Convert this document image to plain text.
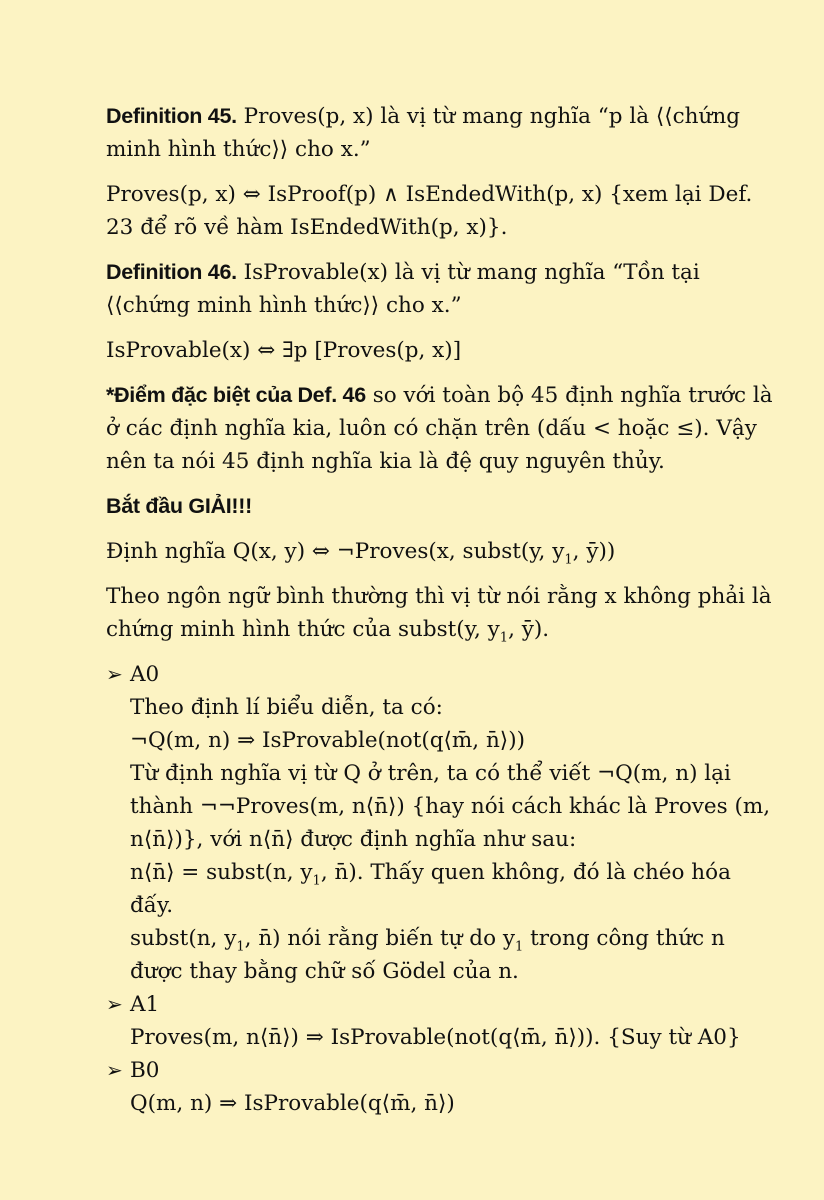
Definition 45. Proves(p, x) là vị từ mang nghĩa “p là ⟨⟨chứng minh hình thức⟩⟩ cho x.”

Proves(p, x) ⇔ IsProof(p) ∧ IsEndedWith(p, x) {xem lại Def. 23 để rõ về hàm IsEndedWith(p, x)}.

Definition 46. IsProvable(x) là vị từ mang nghĩa “Tồn tại ⟨⟨chứng minh hình thức⟩⟩ cho x.”

IsProvable(x) ⇔ ∃p [Proves(p, x)]

*Điểm đặc biệt của Def. 46 so với toàn bộ 45 định nghĩa trước là ở các định nghĩa kia, luôn có chặn trên (dấu < hoặc ≤). Vậy nên ta nói 45 định nghĩa kia là đệ quy nguyên thủy.

Bắt đầu GIẢI!!!

Định nghĩa Q(x, y) ⇔ ¬Proves(x, subst(y, $y_1$, ȳ))

Theo ngôn ngữ bình thường thì vị từ nói rằng x không phải là chứng minh hình thức của subst(y, $y_1$, ȳ).

➢ A0
Theo định lí biểu diễn, ta có:
¬Q(m, n) ⇒ IsProvable(not(q⟨m̄, n̄⟩))
Từ định nghĩa vị từ Q ở trên, ta có thể viết ¬Q(m, n) lại thành ¬¬Proves(m, n⟨n̄⟩) {hay nói cách khác là Proves (m, n⟨n̄⟩)}, với n⟨n̄⟩ được định nghĩa như sau:
n⟨n̄⟩ = subst(n, $y_1$, n̄). Thấy quen không, đó là chéo hóa đấy.
subst(n, $y_1$, n̄) nói rằng biến tự do $y_1$ trong công thức n được thay bằng chữ số Gödel của n.
➢ A1
Proves(m, n⟨n̄⟩) ⇒ IsProvable(not(q⟨m̄, n̄⟩)). {Suy từ A0}
➢ B0
Q(m, n) ⇒ IsProvable(q⟨m̄, n̄⟩)
